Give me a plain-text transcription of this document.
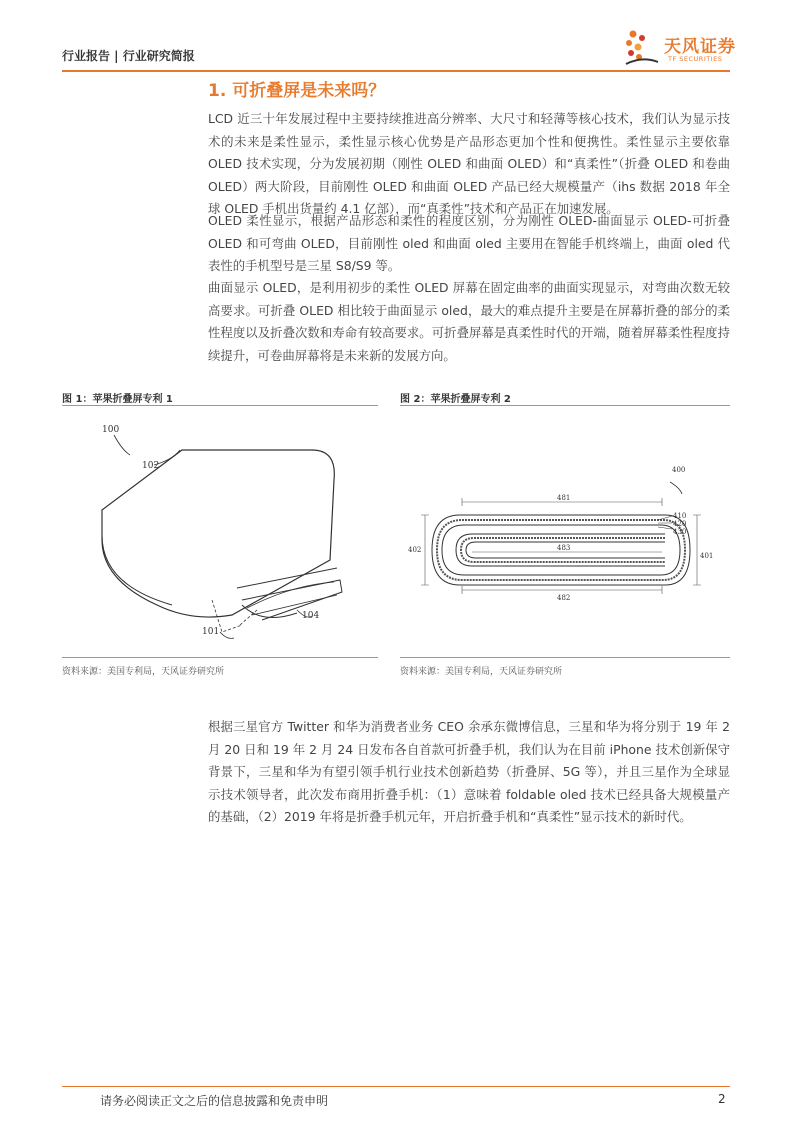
行业报告 | 行业研究简报	天风证券
TF SECURITIES
1. 可折叠屏是未来吗？
LCD 近三十年发展过程中主要持续推进高分辨率、大尺寸和轻薄等核心技术，我们认为显示技术的未来是柔性显示，柔性显示核心优势是产品形态更加个性和便携性。柔性显示主要依靠 OLED 技术实现，分为发展初期（刚性 OLED 和曲面 OLED）和“真柔性”（折叠 OLED 和卷曲 OLED）两大阶段，目前刚性 OLED 和曲面 OLED 产品已经大规模量产（ihs 数据 2018 年全球 OLED 手机出货量约 4.1 亿部），而“真柔性”技术和产品正在加速发展。
OLED 柔性显示，根据产品形态和柔性的程度区别，分为刚性 OLED-曲面显示 OLED-可折叠 OLED 和可弯曲 OLED，目前刚性 oled 和曲面 oled 主要用在智能手机终端上，曲面 oled 代表性的手机型号是三星 S8/S9 等。
曲面显示 OLED，是利用初步的柔性 OLED 屏幕在固定曲率的曲面实现显示，对弯曲次数无较高要求。可折叠 OLED 相比较于曲面显示 oled，最大的难点提升主要是在屏幕折叠的部分的柔性程度以及折叠次数和寿命有较高要求。可折叠屏幕是真柔性时代的开端，随着屏幕柔性程度持续提升，可卷曲屏幕将是未来新的发展方向。
图 1：苹果折叠屏专利 1
100
102
104
101
资料来源：美国专利局，天风证券研究所
图 2：苹果折叠屏专利 2
400
481
410
420
430
402
401
483
482
资料来源：美国专利局，天风证券研究所
根据三星官方 Twitter 和华为消费者业务 CEO 余承东微博信息，三星和华为将分别于 19 年 2 月 20 日和 19 年 2 月 24 日发布各自首款可折叠手机，我们认为在目前 iPhone 技术创新保守背景下，三星和华为有望引领手机行业技术创新趋势（折叠屏、5G 等），并且三星作为全球显示技术领导者，此次发布商用折叠手机：（1）意味着 foldable oled 技术已经具备大规模量产的基础，（2）2019 年将是折叠手机元年，开启折叠手机和“真柔性”显示技术的新时代。
请务必阅读正文之后的信息披露和免责申明	2
